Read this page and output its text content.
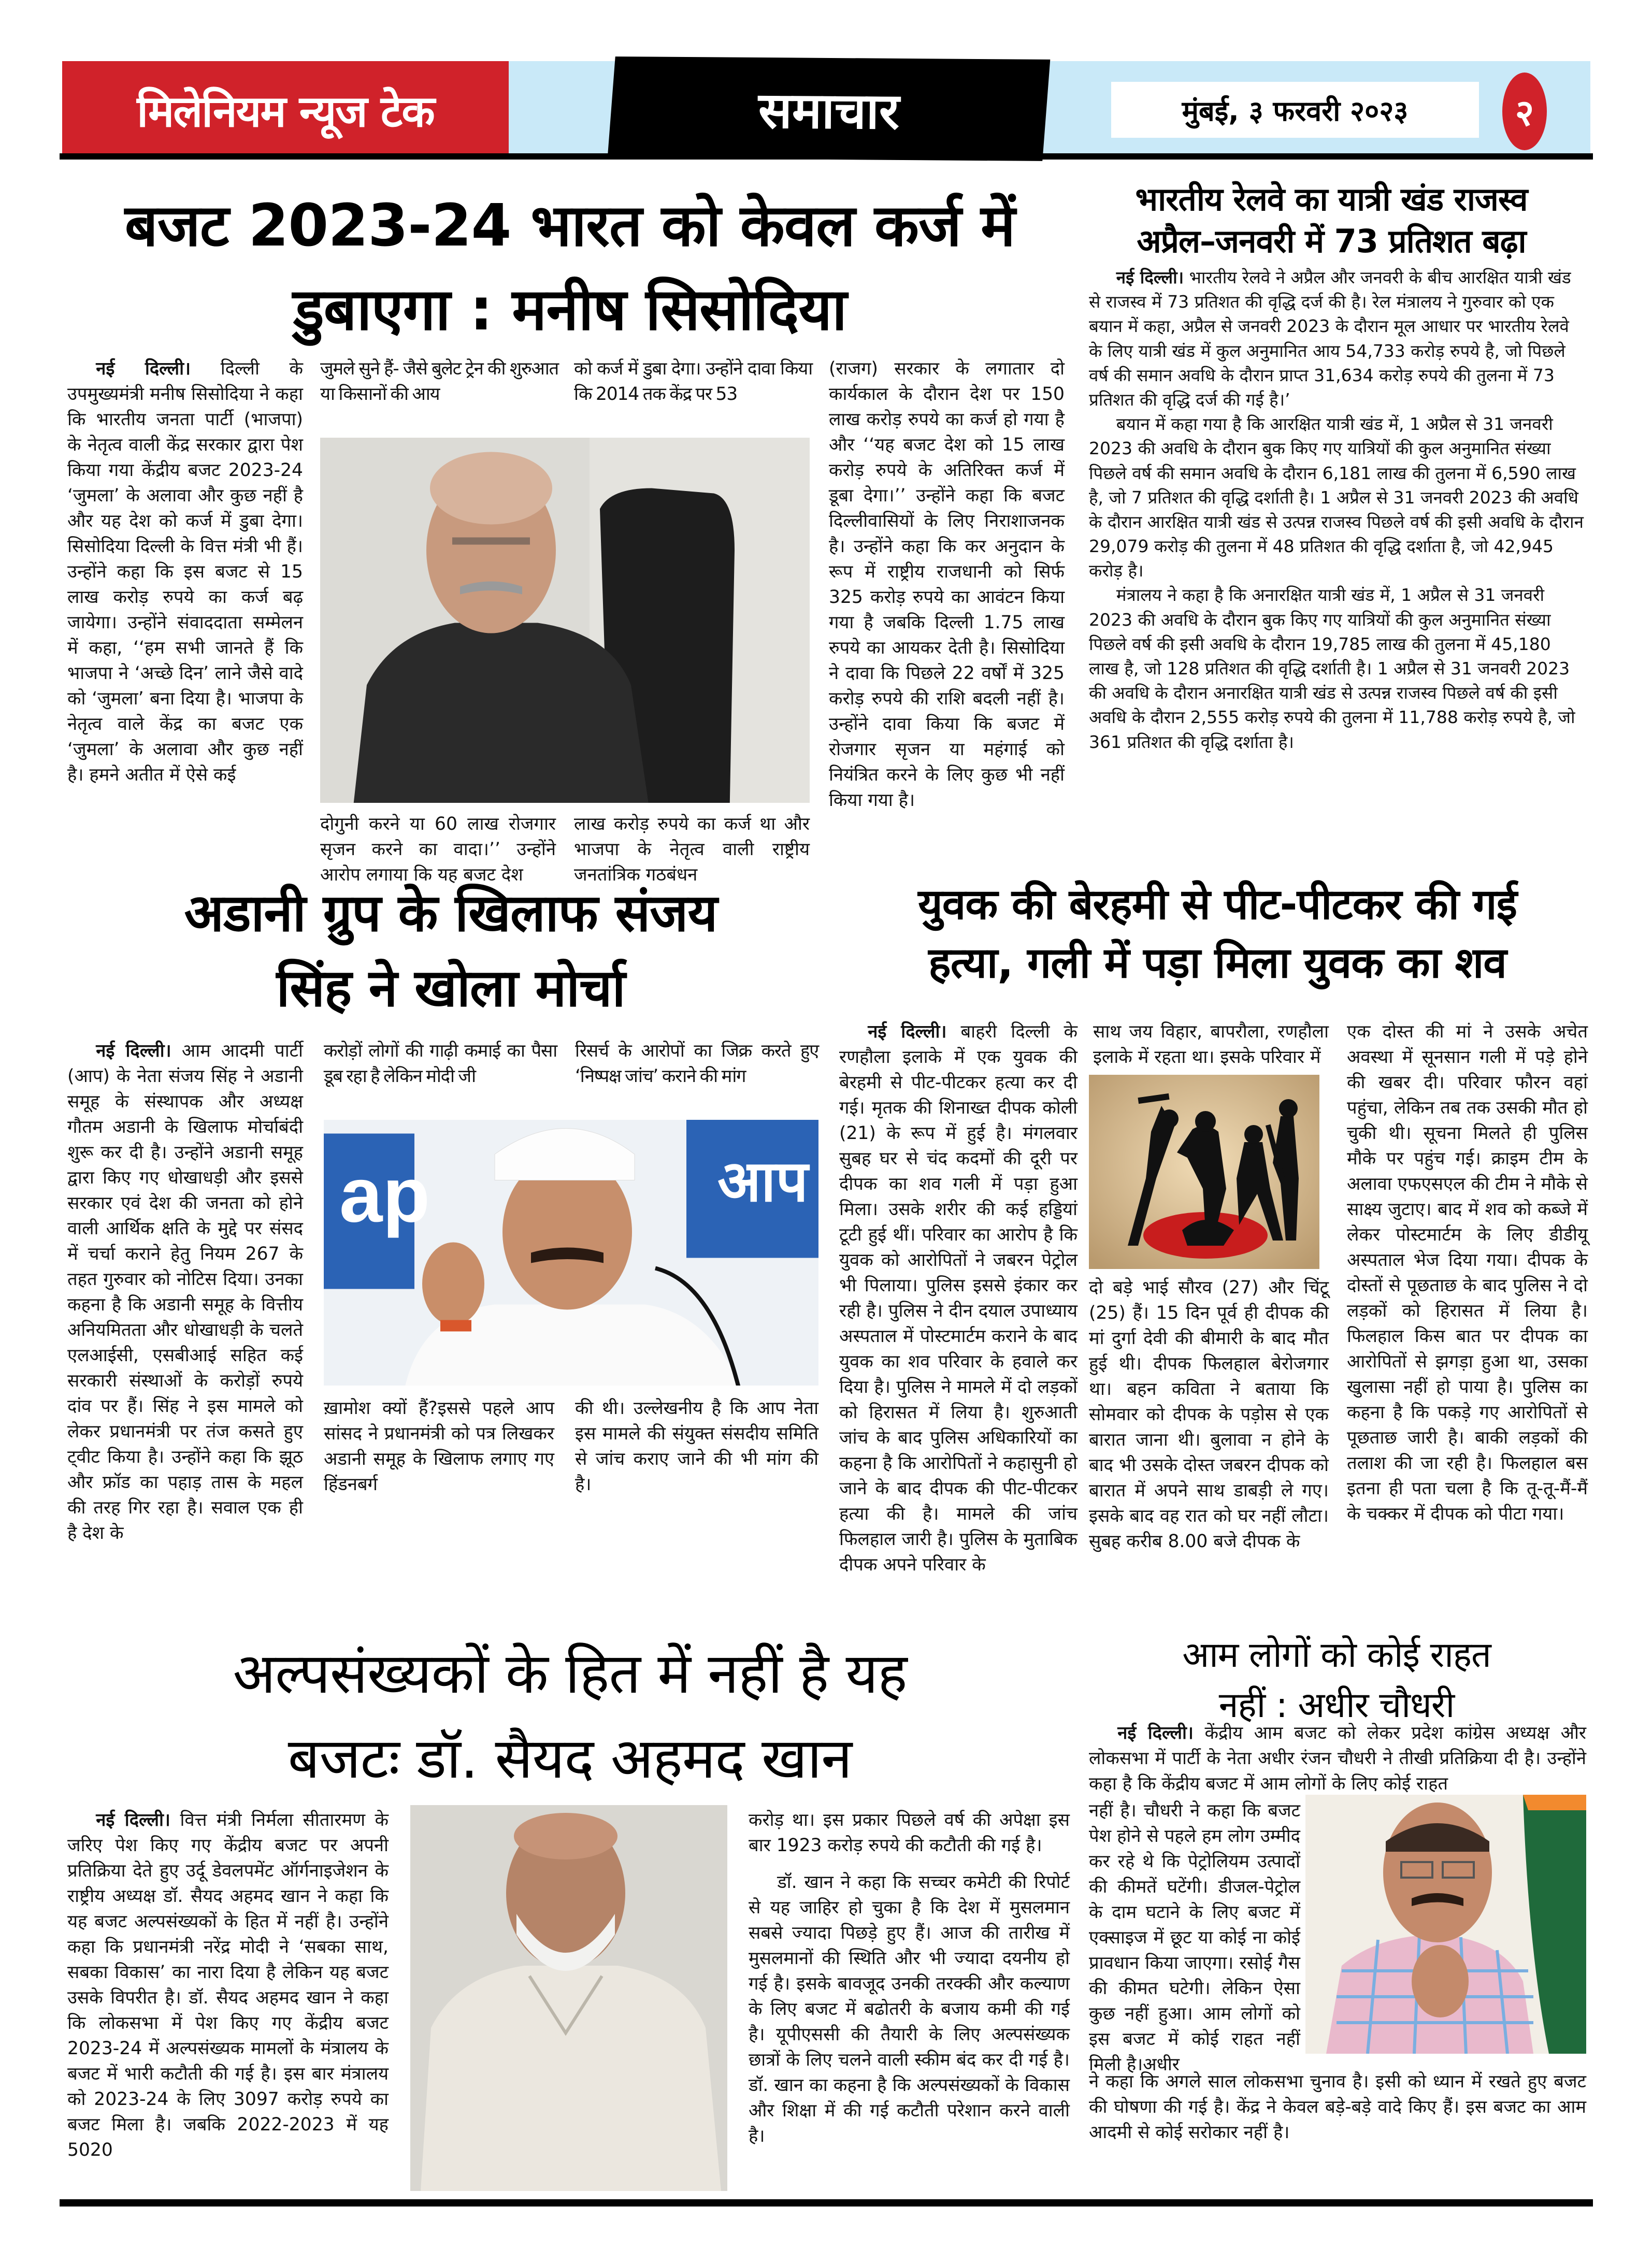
मिलेनियम न्यूज टेक	समाचार	मुंबई, ३ फरवरी २०२३	२
बजट 2023-24 भारत को केवल कर्ज में
डुबाएगा : मनीष सिसोदिया

नई दिल्ली। दिल्ली के उपमुख्यमंत्री मनीष सिसोदिया ने कहा कि भारतीय जनता पार्टी (भाजपा) के नेतृत्व वाली केंद्र सरकार द्वारा पेश किया गया केंद्रीय बजट 2023-24 ‘जुमला’ के अलावा और कुछ नहीं है और यह देश को कर्ज में डुबा देगा। सिसोदिया दिल्ली के वित्त मंत्री भी हैं। उन्होंने कहा कि इस बजट से 15 लाख करोड़ रुपये का कर्ज बढ़ जायेगा। उन्होंने संवाददाता सम्मेलन में कहा, ‘‘हम सभी जानते हैं कि भाजपा ने ‘अच्छे दिन’ लाने जैसे वादे को ‘जुमला’ बना दिया है। भाजपा के नेतृत्व वाले केंद्र का बजट एक ‘जुमला’ के अलावा और कुछ नहीं है। हमने अतीत में ऐसे कई

जुमले सुने हैं- जैसे बुलेट ट्रेन की शुरुआत या किसानों की आय

को कर्ज में डुबा देगा। उन्होंने दावा किया कि 2014 तक केंद्र पर 53

दोगुनी करने या 60 लाख रोजगार सृजन करने का वादा।’’ उन्होंने आरोप लगाया कि यह बजट देश

लाख करोड़ रुपये का कर्ज था और भाजपा के नेतृत्व वाली राष्ट्रीय जनतांत्रिक गठबंधन

(राजग) सरकार के लगातार दो कार्यकाल के दौरान देश पर 150 लाख करोड़ रुपये का कर्ज हो गया है और ‘‘यह बजट देश को 15 लाख करोड़ रुपये के अतिरिक्त कर्ज में डूबा देगा।’’ उन्होंने कहा कि बजट दिल्लीवासियों के लिए निराशाजनक है। उन्होंने कहा कि कर अनुदान के रूप में राष्ट्रीय राजधानी को सिर्फ 325 करोड़ रुपये का आवंटन किया गया है जबकि दिल्ली 1.75 लाख रुपये का आयकर देती है। सिसोदिया ने दावा कि पिछले 22 वर्षों में 325 करोड़ रुपये की राशि बदली नहीं है। उन्होंने दावा किया कि बजट में रोजगार सृजन या महंगाई को नियंत्रित करने के लिए कुछ भी नहीं किया गया है।

भारतीय रेलवे का यात्री खंड राजस्व
अप्रैल–जनवरी में 73 प्रतिशत बढ़ा

नई दिल्ली। भारतीय रेलवे ने अप्रैल और जनवरी के बीच आरक्षित यात्री खंड से राजस्व में 73 प्रतिशत की वृद्धि दर्ज की है। रेल मंत्रालय ने गुरुवार को एक बयान में कहा, अप्रैल से जनवरी 2023 के दौरान मूल आधार पर भारतीय रेलवे के लिए यात्री खंड में कुल अनुमानित आय 54,733 करोड़ रुपये है, जो पिछले वर्ष की समान अवधि के दौरान प्राप्त 31,634 करोड़ रुपये की तुलना में 73 प्रतिशत की वृद्धि दर्ज की गई है।’

बयान में कहा गया है कि आरक्षित यात्री खंड में, 1 अप्रैल से 31 जनवरी 2023 की अवधि के दौरान बुक किए गए यात्रियों की कुल अनुमानित संख्या पिछले वर्ष की समान अवधि के दौरान 6,181 लाख की तुलना में 6,590 लाख है, जो 7 प्रतिशत की वृद्धि दर्शाती है। 1 अप्रैल से 31 जनवरी 2023 की अवधि के दौरान आरक्षित यात्री खंड से उत्पन्न राजस्व पिछले वर्ष की इसी अवधि के दौरान 29,079 करोड़ की तुलना में 48 प्रतिशत की वृद्धि दर्शाता है, जो 42,945 करोड़ है।

मंत्रालय ने कहा है कि अनारक्षित यात्री खंड में, 1 अप्रैल से 31 जनवरी 2023 की अवधि के दौरान बुक किए गए यात्रियों की कुल अनुमानित संख्या पिछले वर्ष की इसी अवधि के दौरान 19,785 लाख की तुलना में 45,180 लाख है, जो 128 प्रतिशत की वृद्धि दर्शाती है। 1 अप्रैल से 31 जनवरी 2023 की अवधि के दौरान अनारक्षित यात्री खंड से उत्पन्न राजस्व पिछले वर्ष की इसी अवधि के दौरान 2,555 करोड़ रुपये की तुलना में 11,788 करोड़ रुपये है, जो 361 प्रतिशत की वृद्धि दर्शाता है।

अडानी ग्रुप के खिलाफ संजय
सिंह ने खोला मोर्चा

नई दिल्ली। आम आदमी पार्टी (आप) के नेता संजय सिंह ने अडानी समूह के संस्थापक और अध्यक्ष गौतम अडानी के खिलाफ मोर्चाबंदी शुरू कर दी है। उन्होंने अडानी समूह द्वारा किए गए धोखाधड़ी और इससे सरकार एवं देश की जनता को होने वाली आर्थिक क्षति के मुद्दे पर संसद में चर्चा कराने हेतु नियम 267 के तहत गुरुवार को नोटिस दिया। उनका कहना है कि अडानी समूह के वित्तीय अनियमितता और धोखाधड़ी के चलते एलआईसी, एसबीआई सहित कई सरकारी संस्थाओं के करोड़ों रुपये दांव पर हैं। सिंह ने इस मामले को लेकर प्रधानमंत्री पर तंज कसते हुए ट्वीट किया है। उन्होंने कहा कि झूठ और फ्रॉड का पहाड़ तास के महल की तरह गिर रहा है। सवाल एक ही है देश के

करोड़ों लोगों की गाढ़ी कमाई का पैसा डूब रहा है लेकिन मोदी जी

रिसर्च के आरोपों का जिक्र करते हुए ‘निष्पक्ष जांच’ कराने की मांग

ap	आप

ख़ामोश क्यों हैं?इससे पहले आप सांसद ने प्रधानमंत्री को पत्र लिखकर अडानी समूह के खिलाफ लगाए गए हिंडनबर्ग

की थी। उल्लेखनीय है कि आप नेता इस मामले की संयुक्त संसदीय समिति से जांच कराए जाने की भी मांग की है।

युवक की बेरहमी से पीट-पीटकर की गई
हत्या, गली में पड़ा मिला युवक का शव

नई दिल्ली। बाहरी दिल्ली के रणहौला इलाके में एक युवक की बेरहमी से पीट-पीटकर हत्या कर दी गई। मृतक की शिनाख्त दीपक कोली (21) के रूप में हुई है। मंगलवार सुबह घर से चंद कदमों की दूरी पर दीपक का शव गली में पड़ा हुआ मिला। उसके शरीर की कई हड्डियां टूटी हुई थीं। परिवार का आरोप है कि युवक को आरोपितों ने जबरन पेट्रोल भी पिलाया। पुलिस इससे इंकार कर रही है। पुलिस ने दीन दयाल उपाध्याय अस्पताल में पोस्टमार्टम कराने के बाद युवक का शव परिवार के हवाले कर दिया है। पुलिस ने मामले में दो लड़कों को हिरासत में लिया है। शुरुआती जांच के बाद पुलिस अधिकारियों का कहना है कि आरोपितों ने कहासुनी हो जाने के बाद दीपक की पीट-पीटकर हत्या की है। मामले की जांच फिलहाल जारी है। पुलिस के मुताबिक दीपक अपने परिवार के

साथ जय विहार, बापरौला, रणहौला इलाके में रहता था। इसके परिवार में

दो बड़े भाई सौरव (27) और चिंटू (25) हैं। 15 दिन पूर्व ही दीपक की मां दुर्गा देवी की बीमारी के बाद मौत हुई थी। दीपक फिलहाल बेरोजगार था। बहन कविता ने बताया कि सोमवार को दीपक के पड़ोस से एक बारात जाना थी। बुलावा न होने के बाद भी उसके दोस्त जबरन दीपक को बारात में अपने साथ डाबड़ी ले गए। इसके बाद वह रात को घर नहीं लौटा। सुबह करीब 8.00 बजे दीपक के

एक दोस्त की मां ने उसके अचेत अवस्था में सूनसान गली में पड़े होने की खबर दी। परिवार फौरन वहां पहुंचा, लेकिन तब तक उसकी मौत हो चुकी थी। सूचना मिलते ही पुलिस मौके पर पहुंच गई। क्राइम टीम के अलावा एफएसएल की टीम ने मौके से साक्ष्य जुटाए। बाद में शव को कब्जे में लेकर पोस्टमार्टम के लिए डीडीयू अस्पताल भेज दिया गया। दीपक के दोस्तों से पूछताछ के बाद पुलिस ने दो लड़कों को हिरासत में लिया है। फिलहाल किस बात पर दीपक का आरोपितों से झगड़ा हुआ था, उसका खुलासा नहीं हो पाया है। पुलिस का कहना है कि पकड़े गए आरोपितों से पूछताछ जारी है। बाकी लड़कों की तलाश की जा रही है। फिलहाल बस इतना ही पता चला है कि तू-तू-मैं-मैं के चक्कर में दीपक को पीटा गया।

अल्पसंख्यकों के हित में नहीं है यह
बजटः डॉ. सैयद अहमद खान

नई दिल्ली। वित्त मंत्री निर्मला सीतारमण के जरिए पेश किए गए केंद्रीय बजट पर अपनी प्रतिक्रिया देते हुए उर्दू डेवलपमेंट ऑर्गनाइजेशन के राष्ट्रीय अध्यक्ष डॉ. सैयद अहमद खान ने कहा कि यह बजट अल्पसंख्यकों के हित में नहीं है। उन्होंने कहा कि प्रधानमंत्री नरेंद्र मोदी ने ‘सबका साथ, सबका विकास’ का नारा दिया है लेकिन यह बजट उसके विपरीत है। डॉ. सैयद अहमद खान ने कहा कि लोकसभा में पेश किए गए केंद्रीय बजट 2023-24 में अल्पसंख्यक मामलों के मंत्रालय के बजट में भारी कटौती की गई है। इस बार मंत्रालय को 2023-24 के लिए 3097 करोड़ रुपये का बजट मिला है। जबकि 2022-2023 में यह 5020

करोड़ था। इस प्रकार पिछले वर्ष की अपेक्षा इस बार 1923 करोड़ रुपये की कटौती की गई है।

डॉ. खान ने कहा कि सच्चर कमेटी की रिपोर्ट से यह जाहिर हो चुका है कि देश में मुसलमान सबसे ज्यादा पिछड़े हुए हैं। आज की तारीख में मुसलमानों की स्थिति और भी ज्यादा दयनीय हो गई है। इसके बावजूद उनकी तरक्की और कल्याण के लिए बजट में बढोतरी के बजाय कमी की गई है। यूपीएससी की तैयारी के लिए अल्पसंख्यक छात्रों के लिए चलने वाली स्कीम बंद कर दी गई है। डॉ. खान का कहना है कि अल्पसंख्यकों के विकास और शिक्षा में की गई कटौती परेशान करने वाली है।

आम लोगों को कोई राहत
नहीं : अधीर चौधरी

नई दिल्ली। केंद्रीय आम बजट को लेकर प्रदेश कांग्रेस अध्यक्ष और लोकसभा में पार्टी के नेता अधीर रंजन चौधरी ने तीखी प्रतिक्रिया दी है। उन्होंने कहा है कि केंद्रीय बजट में आम लोगों के लिए कोई राहत

नहीं है। चौधरी ने कहा कि बजट पेश होने से पहले हम लोग उम्मीद कर रहे थे कि पेट्रोलियम उत्पादों की कीमतें घटेंगी। डीजल-पेट्रोल के दाम घटाने के लिए बजट में एक्साइज में छूट या कोई ना कोई प्रावधान किया जाएगा। रसोई गैस की कीमत घटेगी। लेकिन ऐसा कुछ नहीं हुआ। आम लोगों को इस बजट में कोई राहत नहीं मिली है।अधीर

ने कहा कि अगले साल लोकसभा चुनाव है। इसी को ध्यान में रखते हुए बजट की घोषणा की गई है। केंद्र ने केवल बड़े-बड़े वादे किए हैं। इस बजट का आम आदमी से कोई सरोकार नहीं है।
